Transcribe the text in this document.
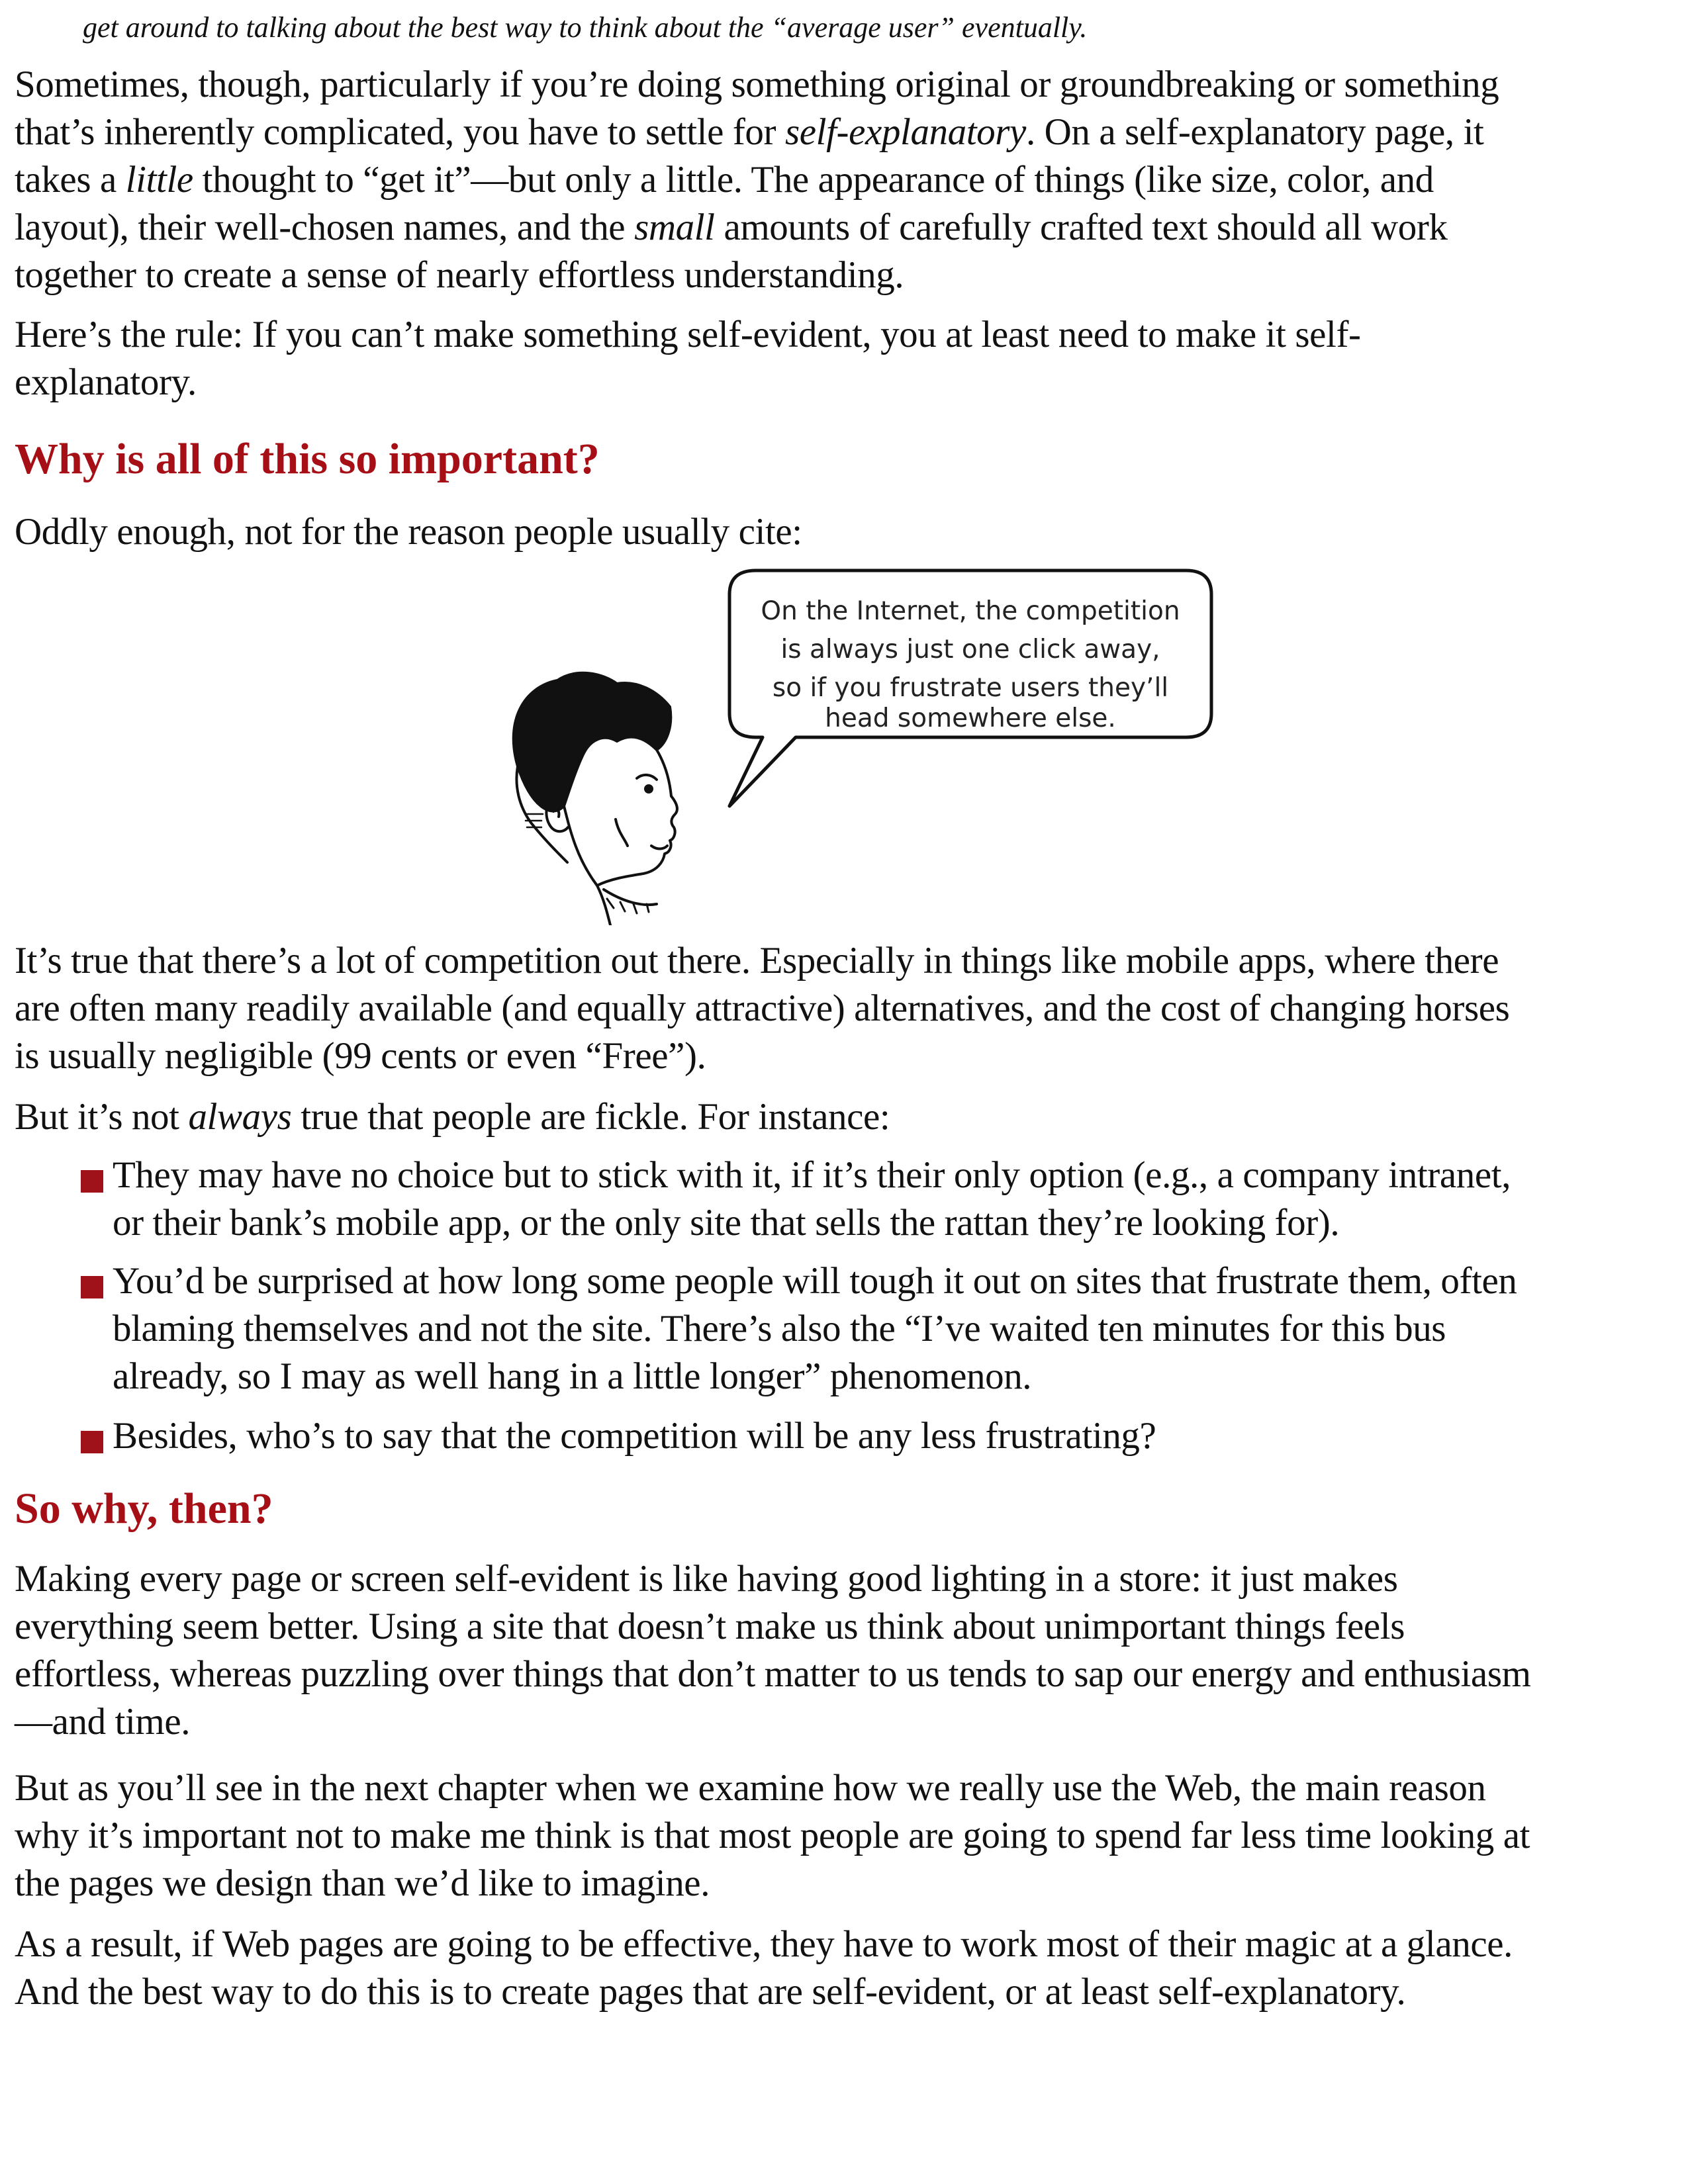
get around to talking about the best way to think about the “average user” eventually.
Sometimes, though, particularly if you’re doing something original or groundbreaking or something
that’s inherently complicated, you have to settle for self-explanatory. On a self-explanatory page, it
takes a little thought to “get it”—but only a little. The appearance of things (like size, color, and
layout), their well-chosen names, and the small amounts of carefully crafted text should all work
together to create a sense of nearly effortless understanding.
Here’s the rule: If you can’t make something self-evident, you at least need to make it self-
explanatory.
Why is all of this so important?
Oddly enough, not for the reason people usually cite:
On the Internet, the competition
is always just one click away,
so if you frustrate users they’ll
head somewhere else.
It’s true that there’s a lot of competition out there. Especially in things like mobile apps, where there
are often many readily available (and equally attractive) alternatives, and the cost of changing horses
is usually negligible (99 cents or even “Free”).
But it’s not always true that people are fickle. For instance:
They may have no choice but to stick with it, if it’s their only option (e.g., a company intranet,
or their bank’s mobile app, or the only site that sells the rattan they’re looking for).
You’d be surprised at how long some people will tough it out on sites that frustrate them, often
blaming themselves and not the site. There’s also the “I’ve waited ten minutes for this bus
already, so I may as well hang in a little longer” phenomenon.
Besides, who’s to say that the competition will be any less frustrating?
So why, then?
Making every page or screen self-evident is like having good lighting in a store: it just makes
everything seem better. Using a site that doesn’t make us think about unimportant things feels
effortless, whereas puzzling over things that don’t matter to us tends to sap our energy and enthusiasm
—and time.
But as you’ll see in the next chapter when we examine how we really use the Web, the main reason
why it’s important not to make me think is that most people are going to spend far less time looking at
the pages we design than we’d like to imagine.
As a result, if Web pages are going to be effective, they have to work most of their magic at a glance.
And the best way to do this is to create pages that are self-evident, or at least self-explanatory.
